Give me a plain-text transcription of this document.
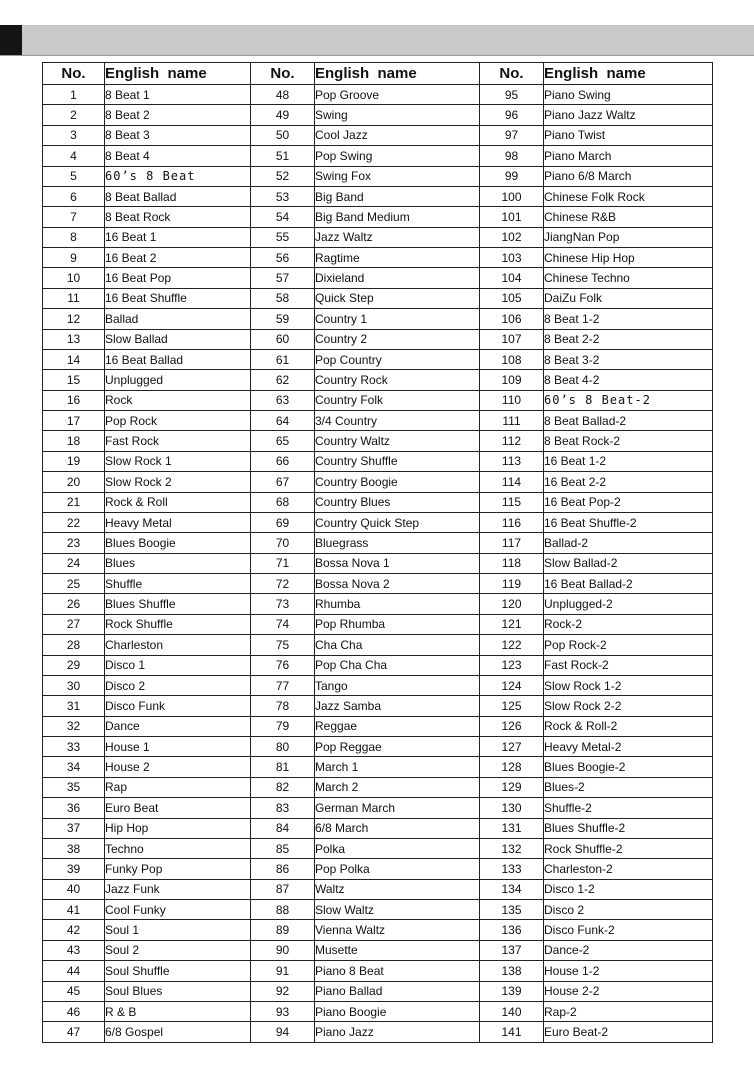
No.	English  name	No.	English  name	No.	English  name
1	8 Beat 1	48	Pop Groove	95	Piano Swing
2	8 Beat 2	49	Swing	96	Piano Jazz Waltz
3	8 Beat 3	50	Cool Jazz	97	Piano Twist
4	8 Beat 4	51	Pop Swing	98	Piano March
5	60’s 8 Beat	52	Swing Fox	99	Piano 6/8 March
6	8 Beat Ballad	53	Big Band	100	Chinese Folk Rock
7	8 Beat Rock	54	Big Band Medium	101	Chinese R&B
8	16 Beat 1	55	Jazz Waltz	102	JiangNan Pop
9	16 Beat 2	56	Ragtime	103	Chinese Hip Hop
10	16 Beat Pop	57	Dixieland	104	Chinese Techno
11	16 Beat Shuffle	58	Quick Step	105	DaiZu Folk
12	Ballad	59	Country 1	106	8 Beat 1-2
13	Slow Ballad	60	Country 2	107	8 Beat 2-2
14	16 Beat Ballad	61	Pop Country	108	8 Beat 3-2
15	Unplugged	62	Country Rock	109	8 Beat 4-2
16	Rock	63	Country Folk	110	60’s 8 Beat-2
17	Pop Rock	64	3/4 Country	111	8 Beat Ballad-2
18	Fast Rock	65	Country Waltz	112	8 Beat Rock-2
19	Slow Rock 1	66	Country Shuffle	113	16 Beat 1-2
20	Slow Rock 2	67	Country Boogie	114	16 Beat 2-2
21	Rock & Roll	68	Country Blues	115	16 Beat Pop-2
22	Heavy Metal	69	Country Quick Step	116	16 Beat Shuffle-2
23	Blues Boogie	70	Bluegrass	117	Ballad-2
24	Blues	71	Bossa Nova 1	118	Slow Ballad-2
25	Shuffle	72	Bossa Nova 2	119	16 Beat Ballad-2
26	Blues Shuffle	73	Rhumba	120	Unplugged-2
27	Rock Shuffle	74	Pop Rhumba	121	Rock-2
28	Charleston	75	Cha Cha	122	Pop Rock-2
29	Disco 1	76	Pop Cha Cha	123	Fast Rock-2
30	Disco 2	77	Tango	124	Slow Rock 1-2
31	Disco Funk	78	Jazz Samba	125	Slow Rock 2-2
32	Dance	79	Reggae	126	Rock & Roll-2
33	House 1	80	Pop Reggae	127	Heavy Metal-2
34	House 2	81	March 1	128	Blues Boogie-2
35	Rap	82	March 2	129	Blues-2
36	Euro Beat	83	German March	130	Shuffle-2
37	Hip Hop	84	6/8 March	131	Blues Shuffle-2
38	Techno	85	Polka	132	Rock Shuffle-2
39	Funky Pop	86	Pop Polka	133	Charleston-2
40	Jazz Funk	87	Waltz	134	Disco 1-2
41	Cool Funky	88	Slow Waltz	135	Disco 2
42	Soul 1	89	Vienna Waltz	136	Disco Funk-2
43	Soul 2	90	Musette	137	Dance-2
44	Soul Shuffle	91	Piano 8 Beat	138	House 1-2
45	Soul Blues	92	Piano Ballad	139	House 2-2
46	R & B	93	Piano Boogie	140	Rap-2
47	6/8 Gospel	94	Piano Jazz	141	Euro Beat-2
